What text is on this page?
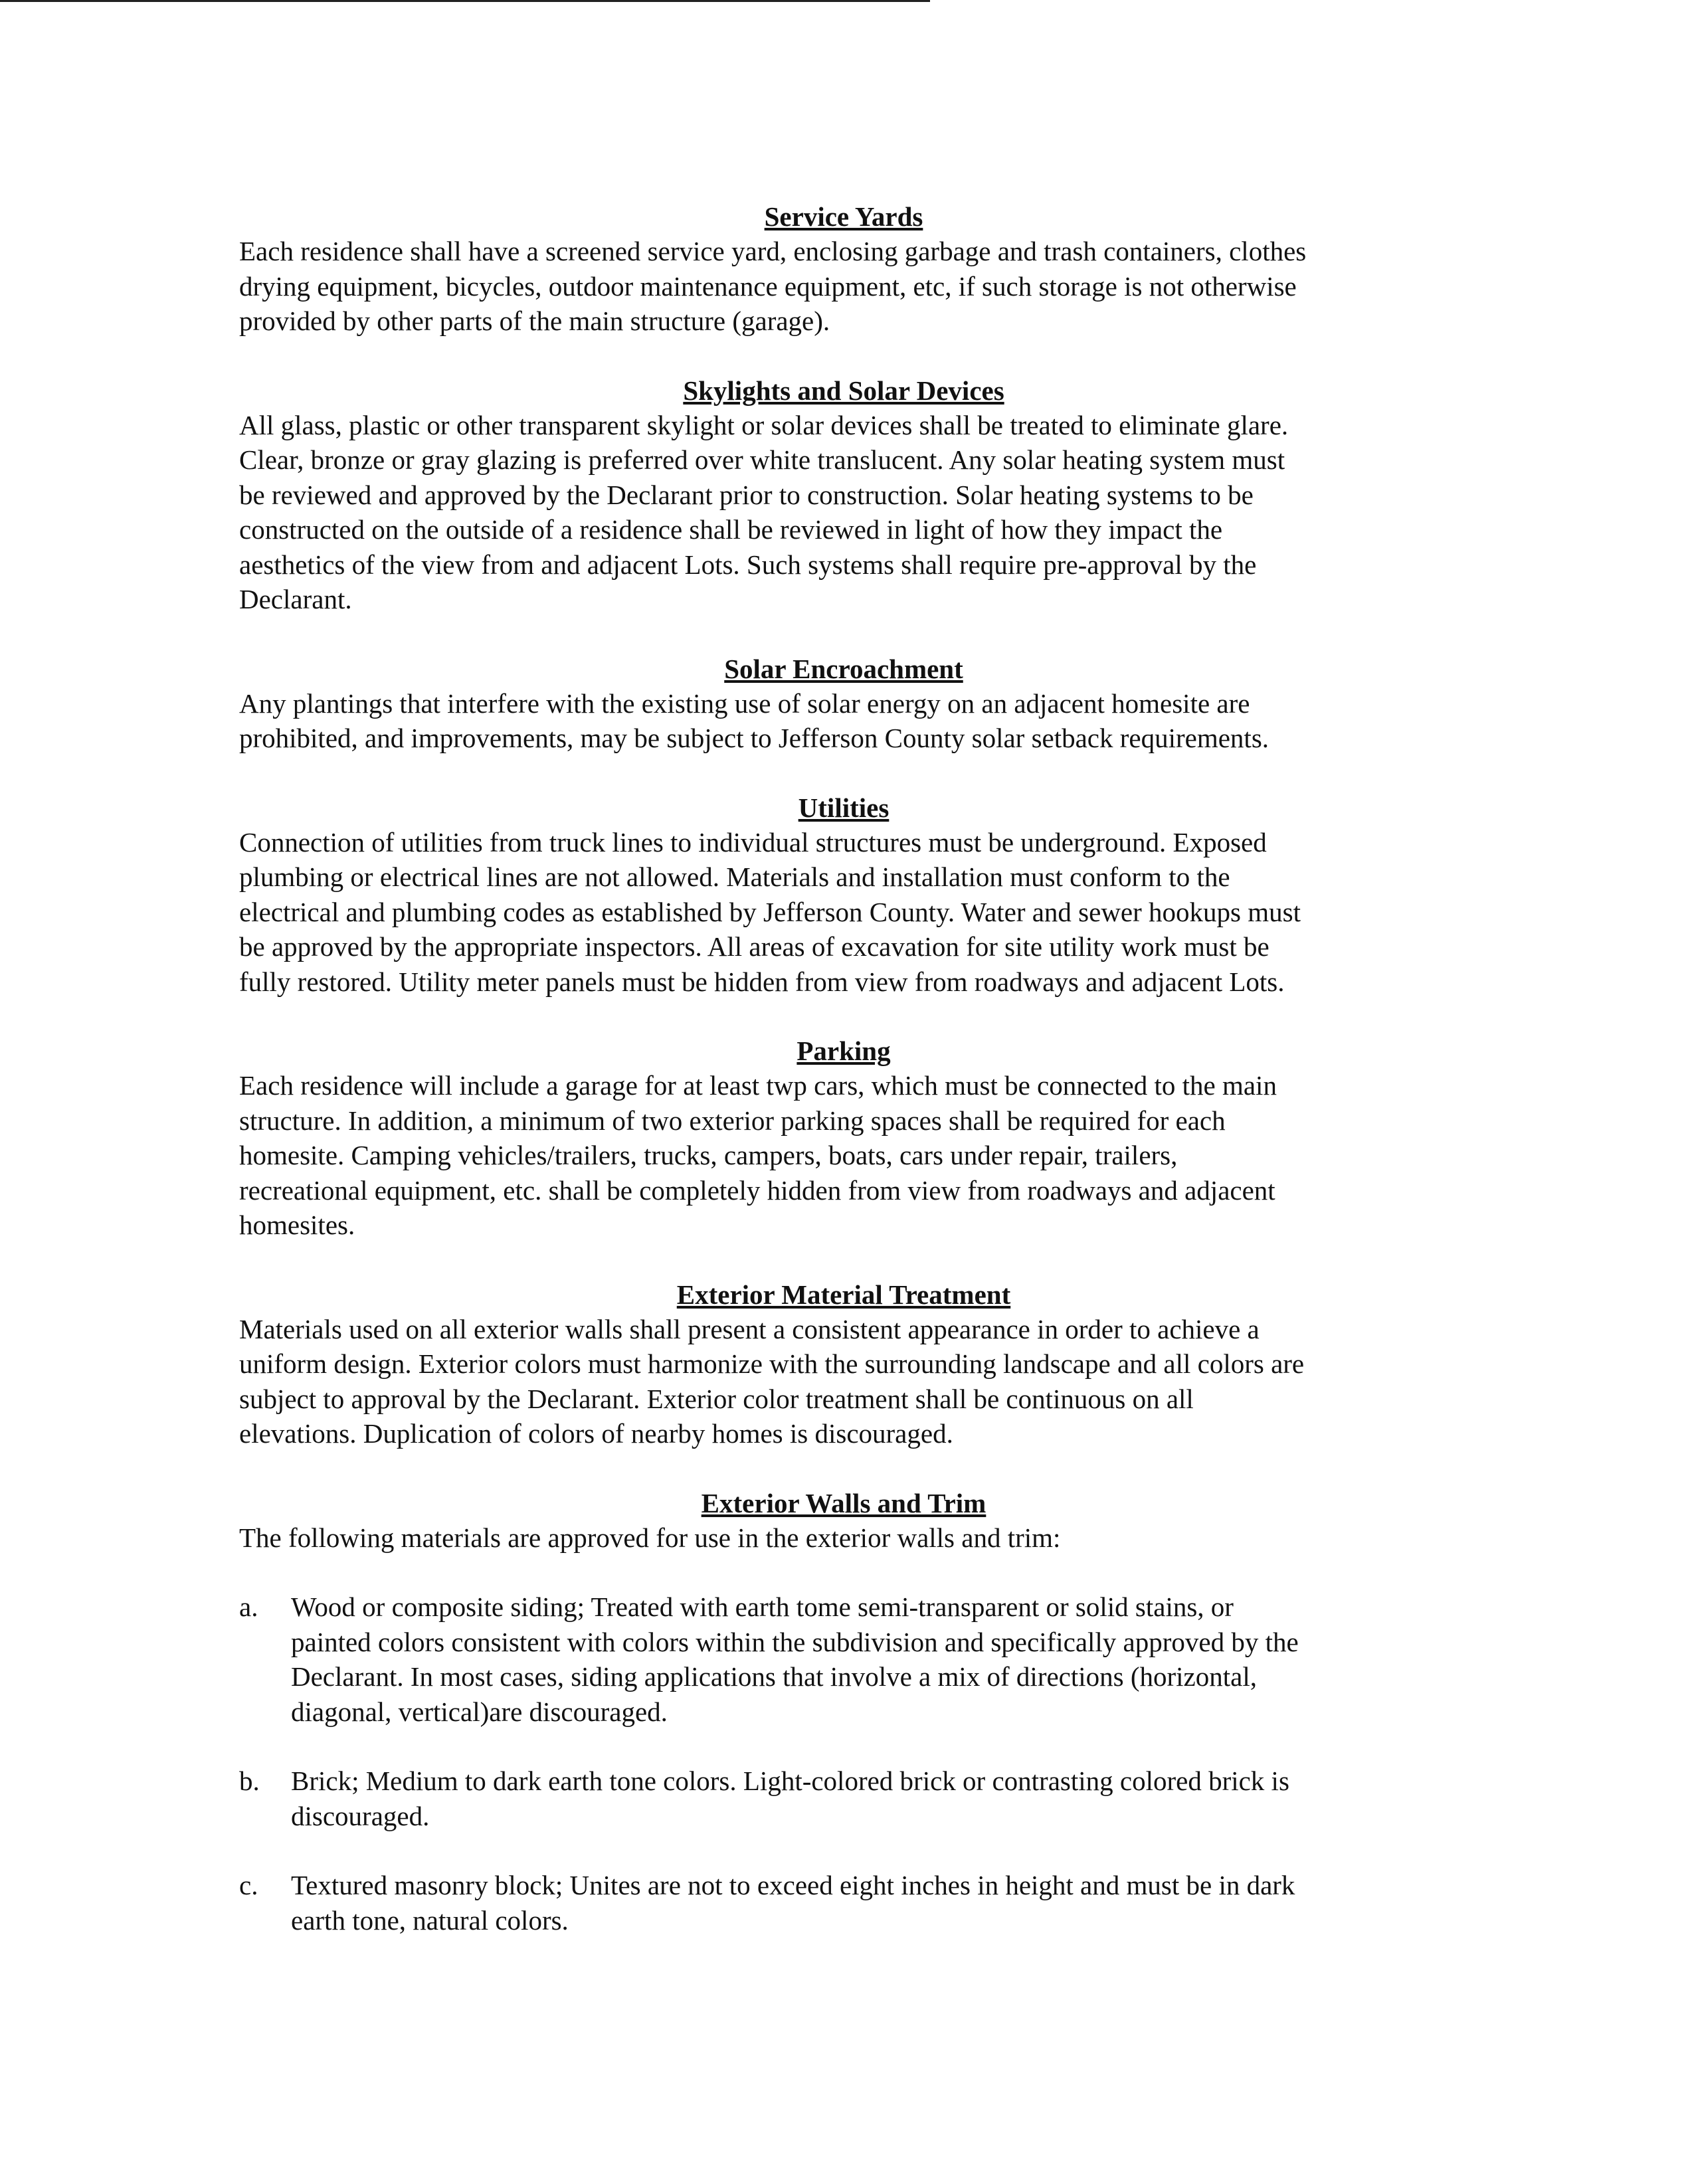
Service Yards

Each residence shall have a screened service yard, enclosing garbage and trash containers, clothes
drying equipment, bicycles, outdoor maintenance equipment, etc, if such storage is not otherwise
provided by other parts of the main structure (garage).

Skylights and Solar Devices

All glass, plastic or other transparent skylight or solar devices shall be treated to eliminate glare.
Clear, bronze or gray glazing is preferred over white translucent. Any solar heating system must
be reviewed and approved by the Declarant prior to construction. Solar heating systems to be
constructed on the outside of a residence shall be reviewed in light of how they impact the
aesthetics of the view from and adjacent Lots. Such systems shall require pre-approval by the
Declarant.

Solar Encroachment

Any plantings that interfere with the existing use of solar energy on an adjacent homesite are
prohibited, and improvements, may be subject to Jefferson County solar setback requirements.

Utilities

Connection of utilities from truck lines to individual structures must be underground. Exposed
plumbing or electrical lines are not allowed. Materials and installation must conform to the
electrical and plumbing codes as established by Jefferson County. Water and sewer hookups must
be approved by the appropriate inspectors. All areas of excavation for site utility work must be
fully restored. Utility meter panels must be hidden from view from roadways and adjacent Lots.

Parking

Each residence will include a garage for at least twp cars, which must be connected to the main
structure. In addition, a minimum of two exterior parking spaces shall be required for each
homesite. Camping vehicles/trailers, trucks, campers, boats, cars under repair, trailers,
recreational equipment, etc. shall be completely hidden from view from roadways and adjacent
homesites.

Exterior Material Treatment

Materials used on all exterior walls shall present a consistent appearance in order to achieve a
uniform design. Exterior colors must harmonize with the surrounding landscape and all colors are
subject to approval by the Declarant. Exterior color treatment shall be continuous on all
elevations. Duplication of colors of nearby homes is discouraged.

Exterior Walls and Trim

The following materials are approved for use in the exterior walls and trim:

a.	Wood or composite siding; Treated with earth tome semi-transparent or solid stains, or
painted colors consistent with colors within the subdivision and specifically approved by the
Declarant. In most cases, siding applications that involve a mix of directions (horizontal,
diagonal, vertical)are discouraged.
b.	Brick; Medium to dark earth tone colors. Light-colored brick or contrasting colored brick is
discouraged.
c.	Textured masonry block; Unites are not to exceed eight inches in height and must be in dark
earth tone, natural colors.
